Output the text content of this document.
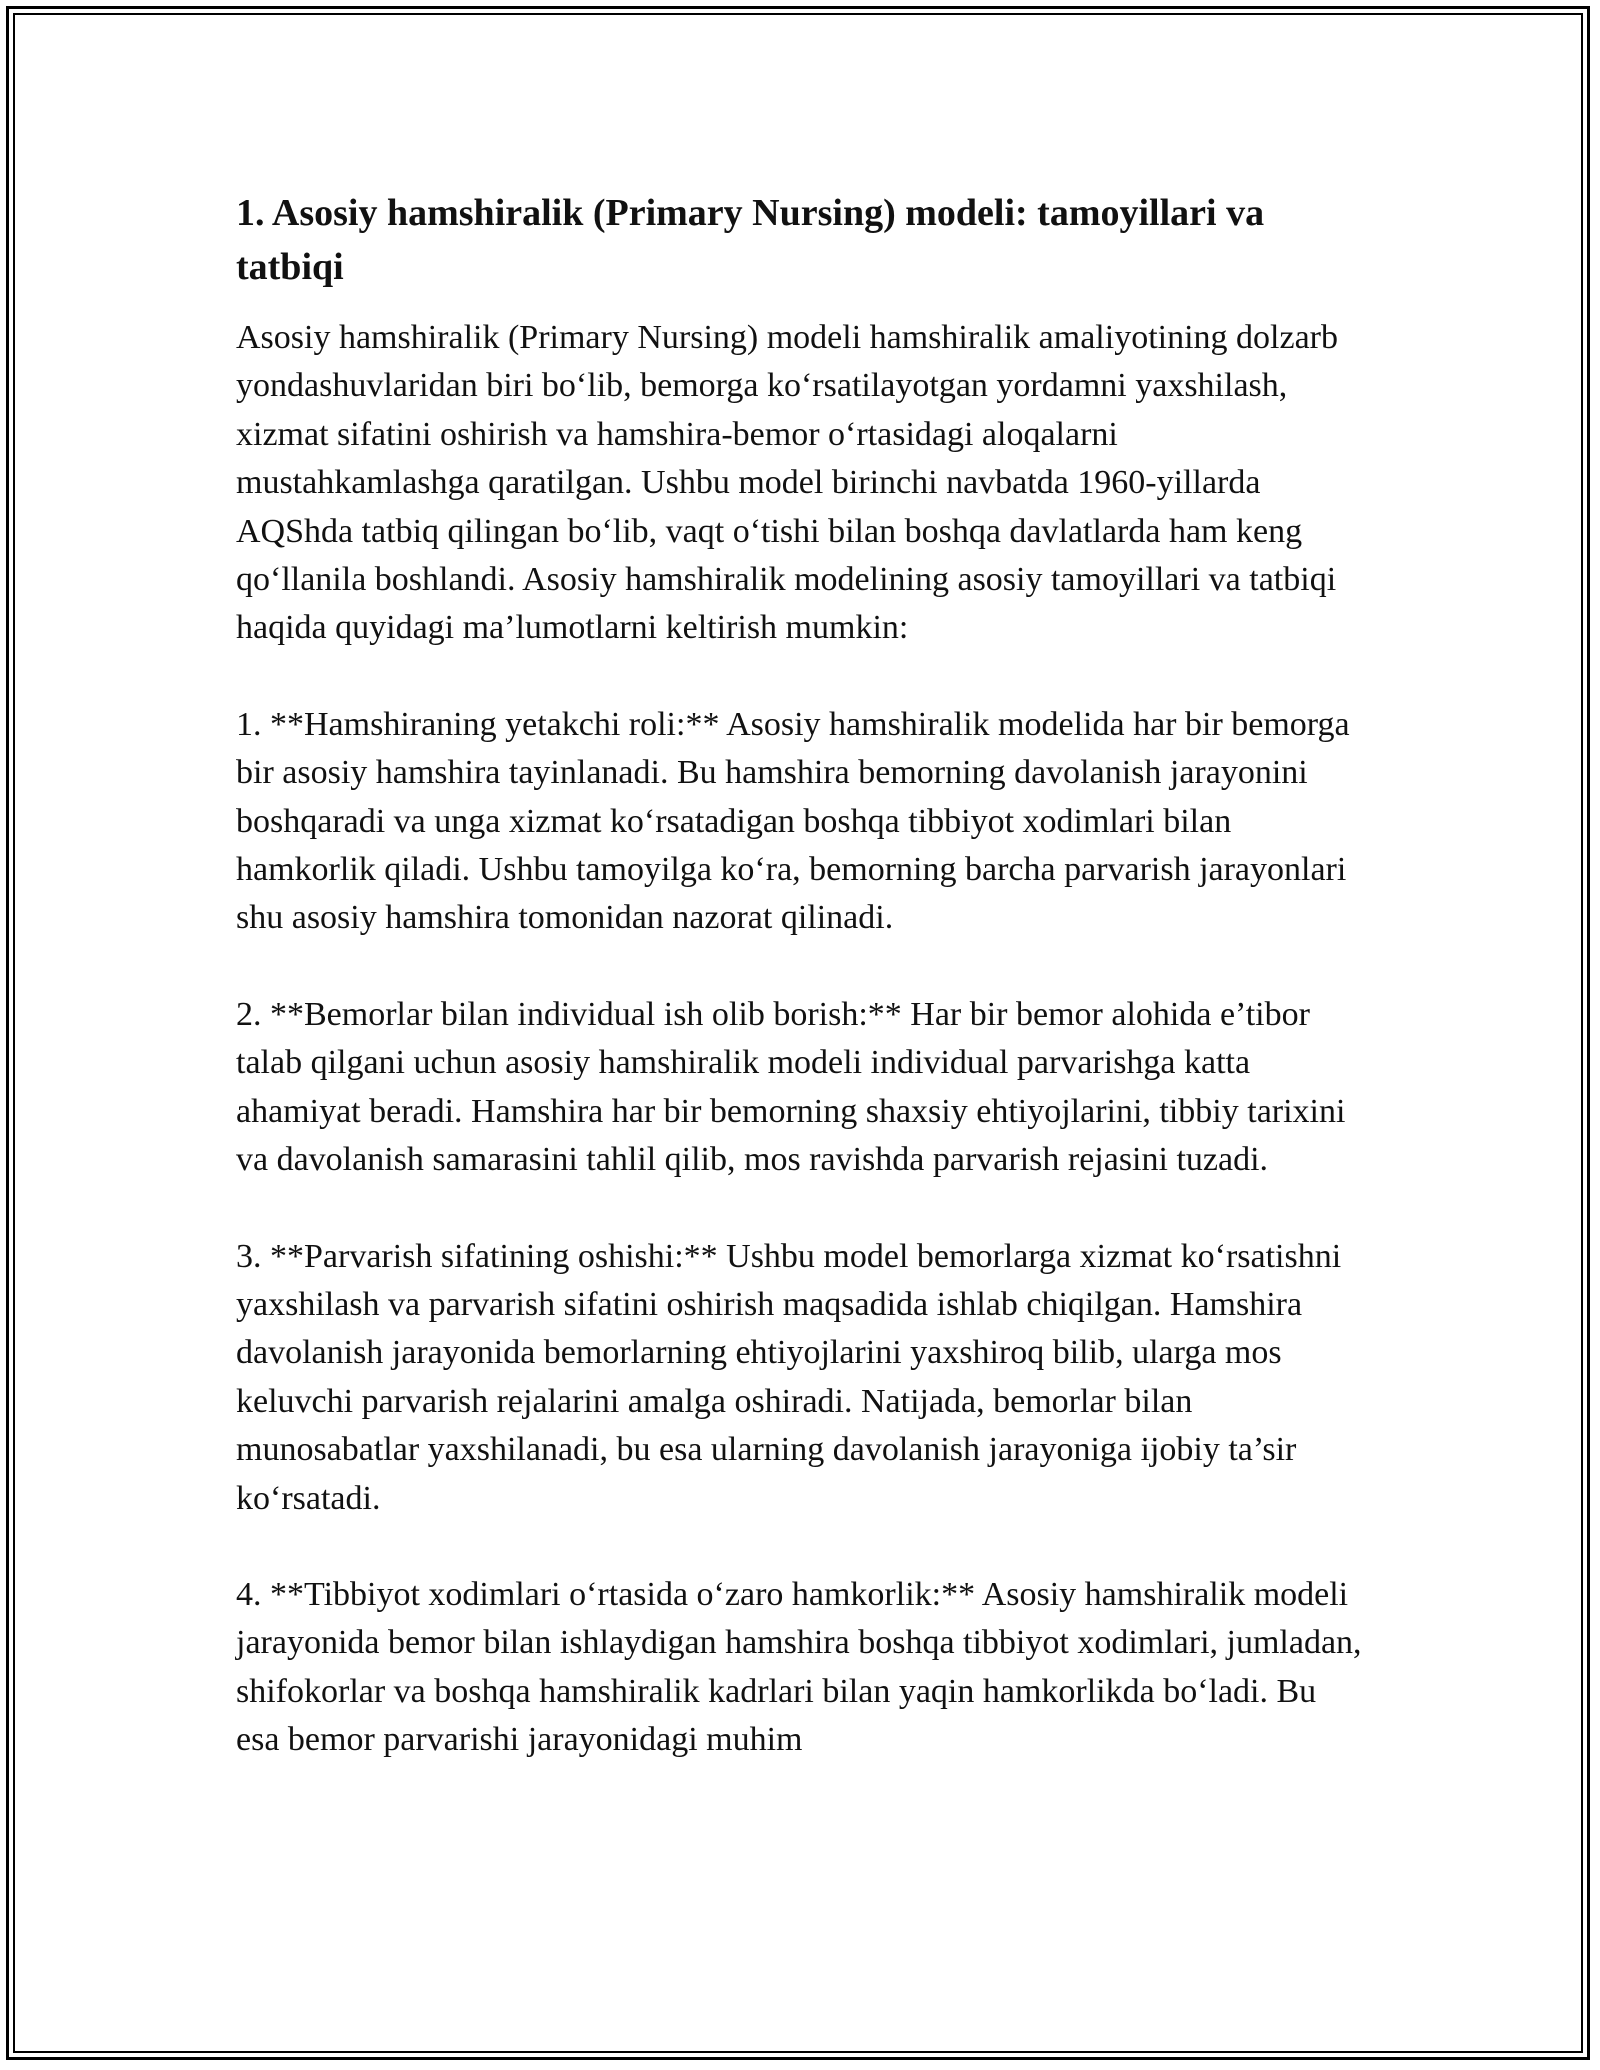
1. Asosiy hamshiralik (Primary Nursing) modeli: tamoyillari va tatbiqi

Asosiy hamshiralik (Primary Nursing) modeli hamshiralik amaliyotining dolzarb yondashuvlaridan biri bo‘lib, bemorga ko‘rsatilayotgan yordamni yaxshilash, xizmat sifatini oshirish va hamshira-bemor o‘rtasidagi aloqalarni mustahkamlashga qaratilgan. Ushbu model birinchi navbatda 1960-yillarda AQShda tatbiq qilingan bo‘lib, vaqt o‘tishi bilan boshqa davlatlarda ham keng qo‘llanila boshlandi. Asosiy hamshiralik modelining asosiy tamoyillari va tatbiqi haqida quyidagi ma’lumotlarni keltirish mumkin:

1. **Hamshiraning yetakchi roli:** Asosiy hamshiralik modelida har bir bemorga bir asosiy hamshira tayinlanadi. Bu hamshira bemorning davolanish jarayonini boshqaradi va unga xizmat ko‘rsatadigan boshqa tibbiyot xodimlari bilan hamkorlik qiladi. Ushbu tamoyilga ko‘ra, bemorning barcha parvarish jarayonlari shu asosiy hamshira tomonidan nazorat qilinadi.

2. **Bemorlar bilan individual ish olib borish:** Har bir bemor alohida e’tibor talab qilgani uchun asosiy hamshiralik modeli individual parvarishga katta ahamiyat beradi. Hamshira har bir bemorning shaxsiy ehtiyojlarini, tibbiy tarixini va davolanish samarasini tahlil qilib, mos ravishda parvarish rejasini tuzadi.

3. **Parvarish sifatining oshishi:** Ushbu model bemorlarga xizmat ko‘rsatishni yaxshilash va parvarish sifatini oshirish maqsadida ishlab chiqilgan. Hamshira davolanish jarayonida bemorlarning ehtiyojlarini yaxshiroq bilib, ularga mos keluvchi parvarish rejalarini amalga oshiradi. Natijada, bemorlar bilan munosabatlar yaxshilanadi, bu esa ularning davolanish jarayoniga ijobiy ta’sir ko‘rsatadi.

4. **Tibbiyot xodimlari o‘rtasida o‘zaro hamkorlik:** Asosiy hamshiralik modeli jarayonida bemor bilan ishlaydigan hamshira boshqa tibbiyot xodimlari, jumladan, shifokorlar va boshqa hamshiralik kadrlari bilan yaqin hamkorlikda bo‘ladi. Bu esa bemor parvarishi jarayonidagi muhim
